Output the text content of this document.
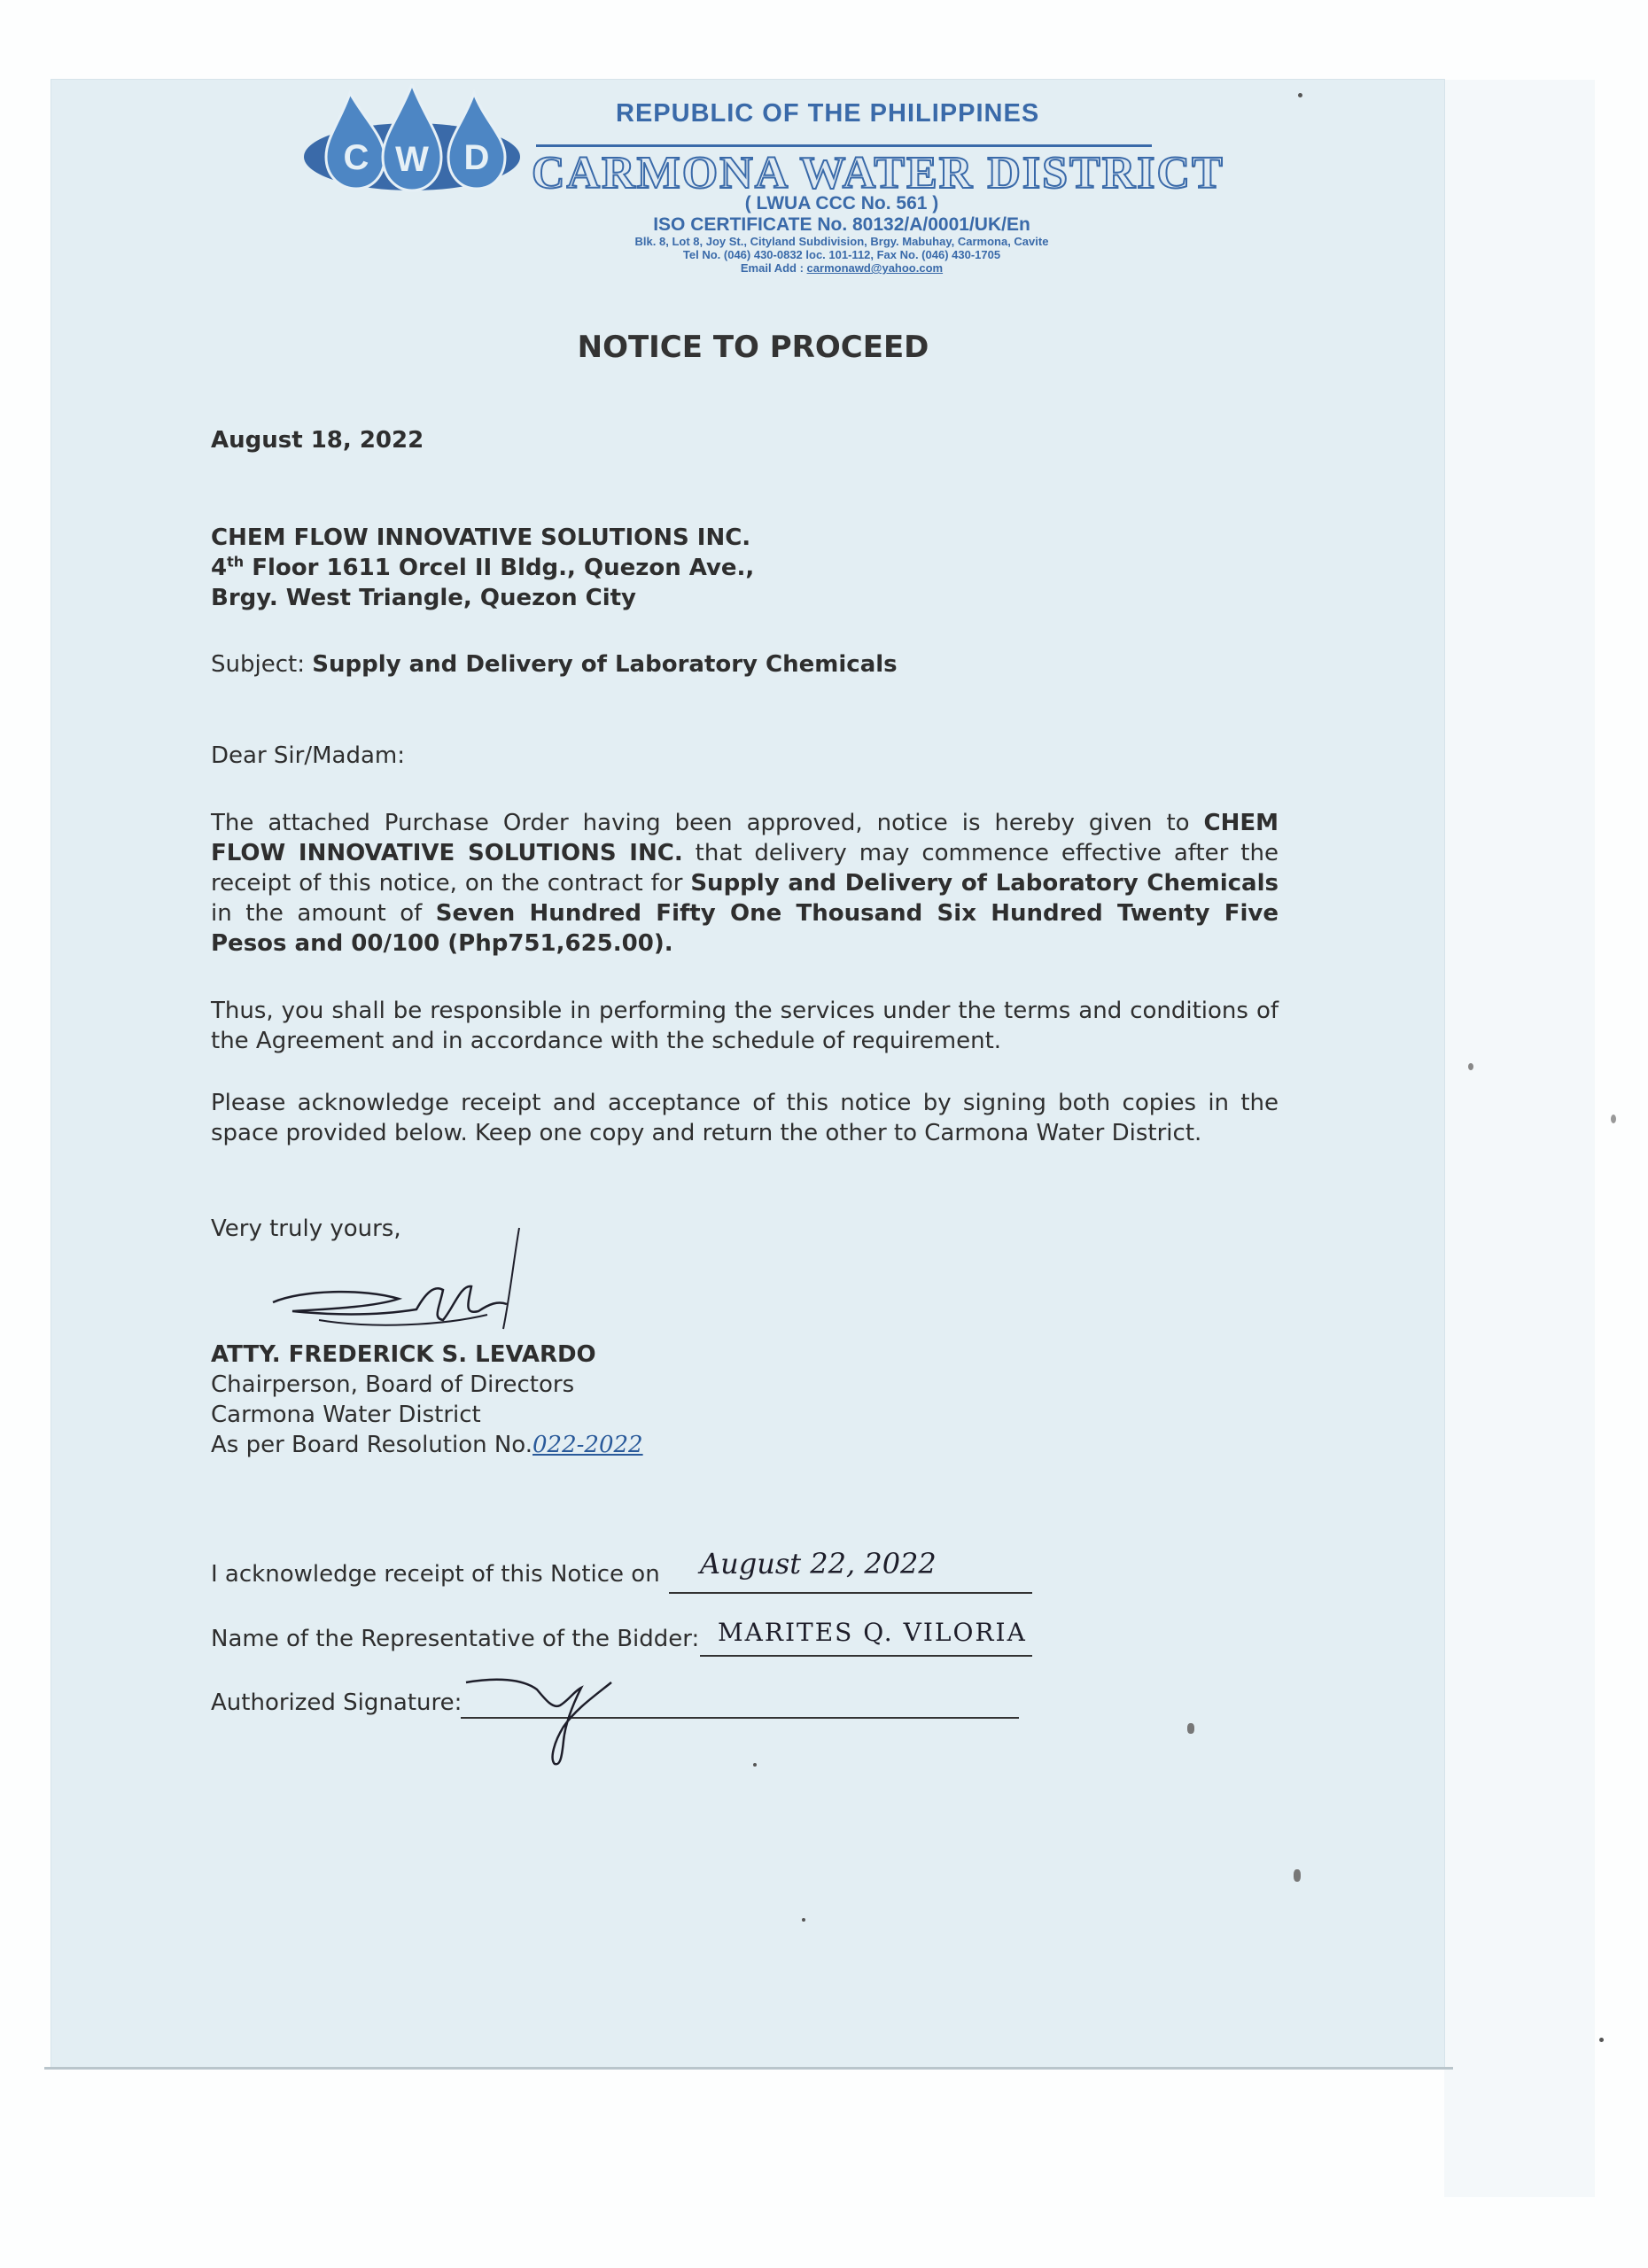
C W D
REPUBLIC OF THE PHILIPPINES
CARMONA WATER DISTRICT
( LWUA CCC No. 561 )
ISO CERTIFICATE No. 80132/A/0001/UK/En
Blk. 8, Lot 8, Joy St., Cityland Subdivision, Brgy. Mabuhay, Carmona, Cavite
Tel No. (046) 430-0832 loc. 101-112, Fax No. (046) 430-1705
Email Add : carmonawd@yahoo.com
NOTICE TO PROCEED
August 18, 2022
CHEM FLOW INNOVATIVE SOLUTIONS INC.
4th Floor 1611 Orcel II Bldg., Quezon Ave.,
Brgy. West Triangle, Quezon City
Subject: Supply and Delivery of Laboratory Chemicals
Dear Sir/Madam:
The attached Purchase Order having been approved, notice is hereby given to CHEM FLOW INNOVATIVE SOLUTIONS INC. that delivery may commence effective after the receipt of this notice, on the contract for Supply and Delivery of Laboratory Chemicals in the amount of Seven Hundred Fifty One Thousand Six Hundred Twenty Five Pesos and 00/100 (Php751,625.00).
Thus, you shall be responsible in performing the services under the terms and conditions of the Agreement and in accordance with the schedule of requirement.
Please acknowledge receipt and acceptance of this notice by signing both copies in the space provided below. Keep one copy and return the other to Carmona Water District.
Very truly yours,
ATTY. FREDERICK S. LEVARDO
Chairperson, Board of Directors
Carmona Water District
As per Board Resolution No.022-2022
I acknowledge receipt of this Notice on August 22, 2022
Name of the Representative of the Bidder: MARITES Q. VILORIA
Authorized Signature:
